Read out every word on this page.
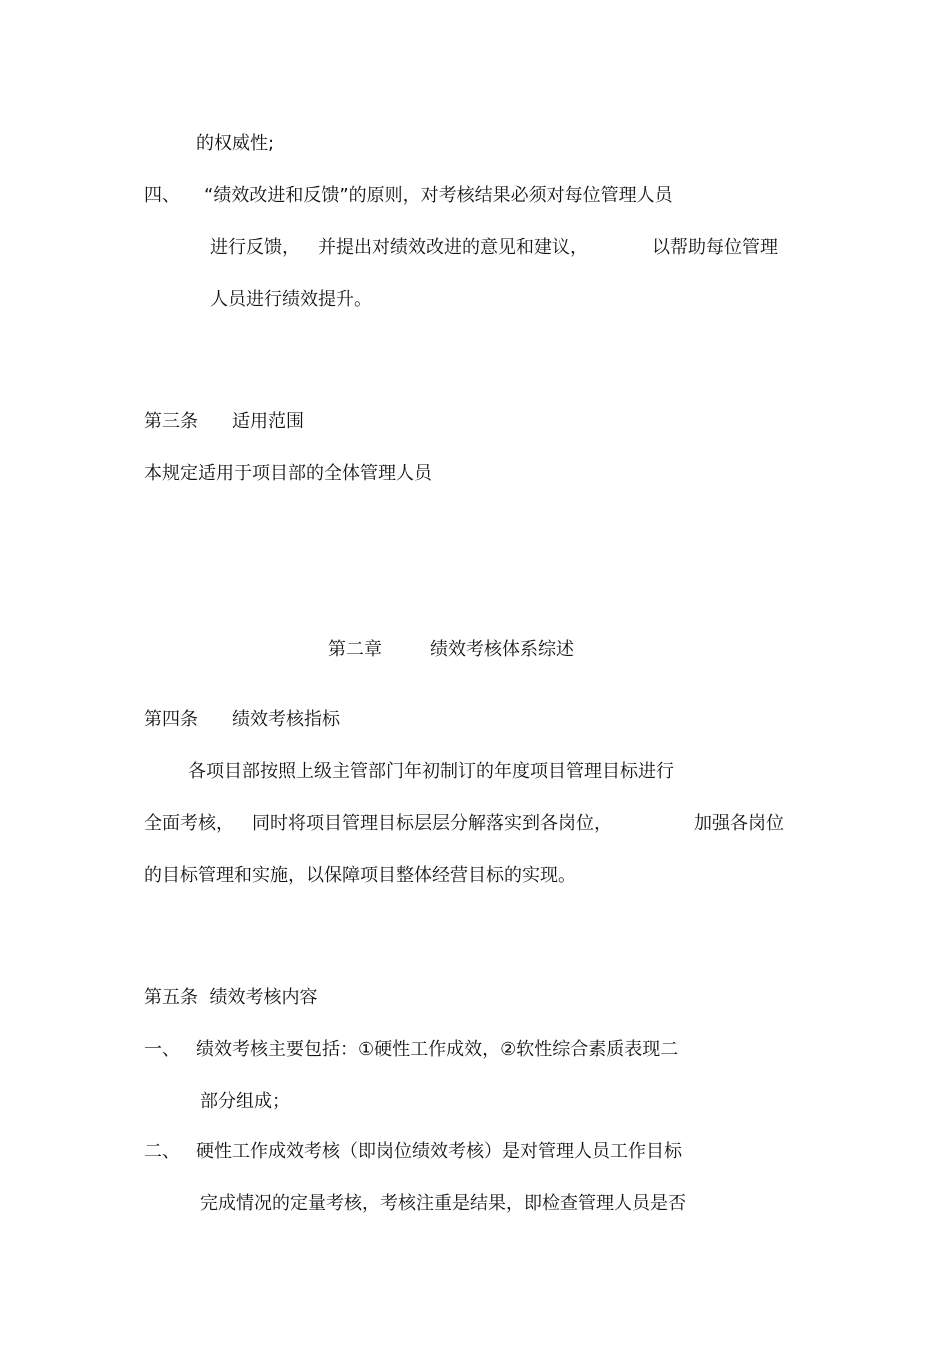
的权威性;
四、 “绩效改进和反馈”的原则，对考核结果必须对每位管理人员
进行反馈， 并提出对绩效改进的意见和建议，	以帮助每位管理
人员进行绩效提升。
第三条 适用范围
本规定适用于项目部的全体管理人员
第二章	绩效考核体系综述
第四条 绩效考核指标
各项目部按照上级主管部门年初制订的年度项目管理目标进行
全面考核， 同时将项目管理目标层层分解落实到各岗位，	加强各岗位
的目标管理和实施，以保障项目整体经营目标的实现。
第五条  绩效考核内容
一、 绩效考核主要包括：①硬性工作成效，②软性综合素质表现二
部分组成；
二、 硬性工作成效考核（即岗位绩效考核）是对管理人员工作目标
完成情况的定量考核，考核注重是结果，即检查管理人员是否
